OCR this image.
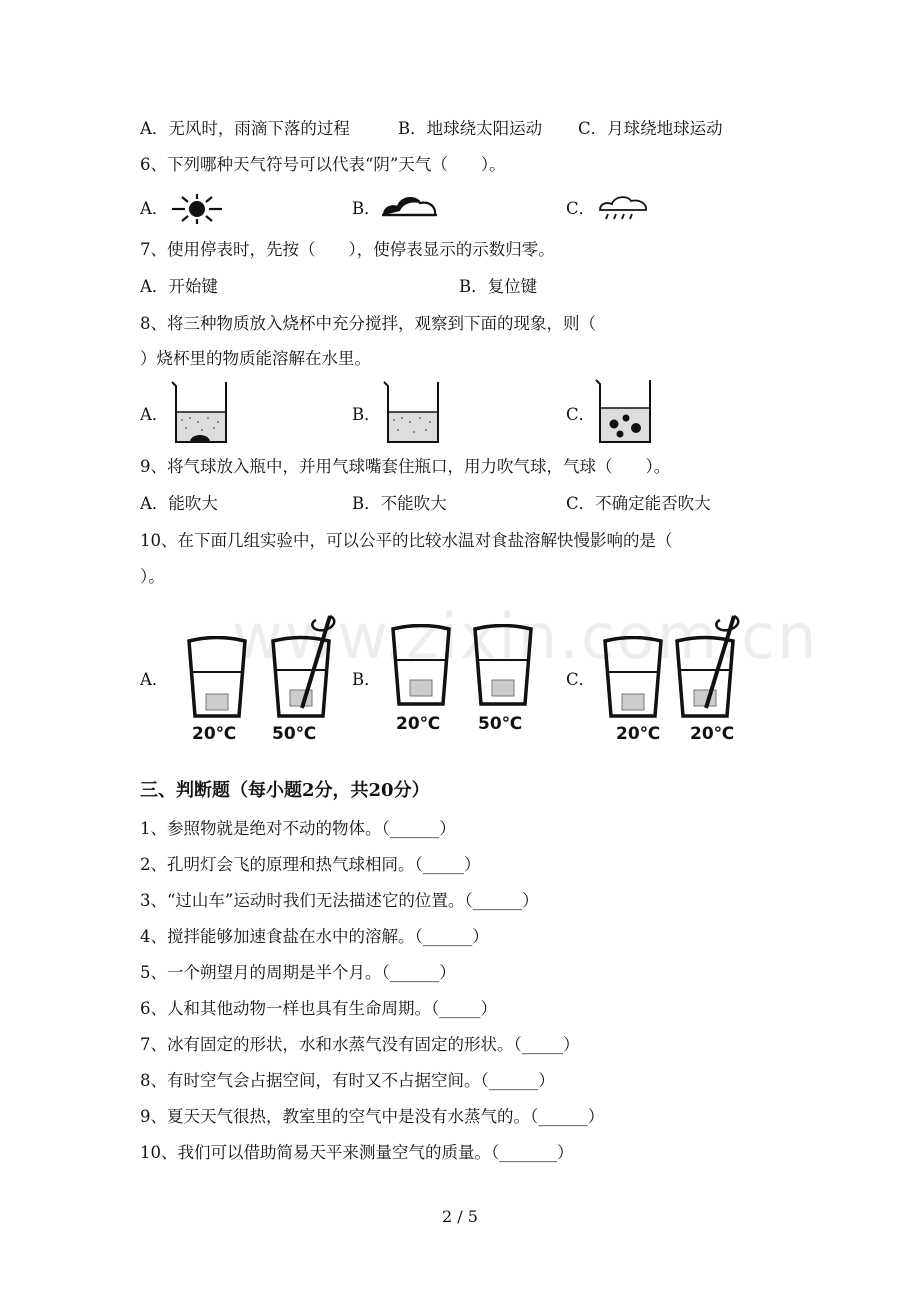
www.zixin.com.cn
A．无风时，雨滴下落的过程	B．地球绕太阳运动 C．月球绕地球运动
6、下列哪种天气符号可以代表“阴”天气（　　）。
A．	B．	C．
7、使用停表时，先按（　　），使停表显示的示数归零。
A．开始键	B．复位键
8、将三种物质放入烧杯中充分搅拌，观察到下面的现象，则（
）烧杯里的物质能溶解在水里。
A．	B．	C．
9、将气球放入瓶中，并用气球嘴套住瓶口，用力吹气球，气球（　　）。
A．能吹大	B．不能吹大	C．不确定能否吹大
10、在下面几组实验中，可以公平的比较水温对食盐溶解快慢影响的是（
）。
A．	B．	C．
20℃ 50℃	20℃ 50℃	20℃ 20℃
三、判断题（每小题2分，共20分）
1、参照物就是绝对不动的物体。（______）
2、孔明灯会飞的原理和热气球相同。（_____）
3、“过山车”运动时我们无法描述它的位置。（______）
4、搅拌能够加速食盐在水中的溶解。（______）
5、一个朔望月的周期是半个月。（______）
6、人和其他动物一样也具有生命周期。（_____）
7、冰有固定的形状，水和水蒸气没有固定的形状。（_____）
8、有时空气会占据空间，有时又不占据空间。（______）
9、夏天天气很热，教室里的空气中是没有水蒸气的。（______）
10、我们可以借助简易天平来测量空气的质量。（_______）
2 / 5
